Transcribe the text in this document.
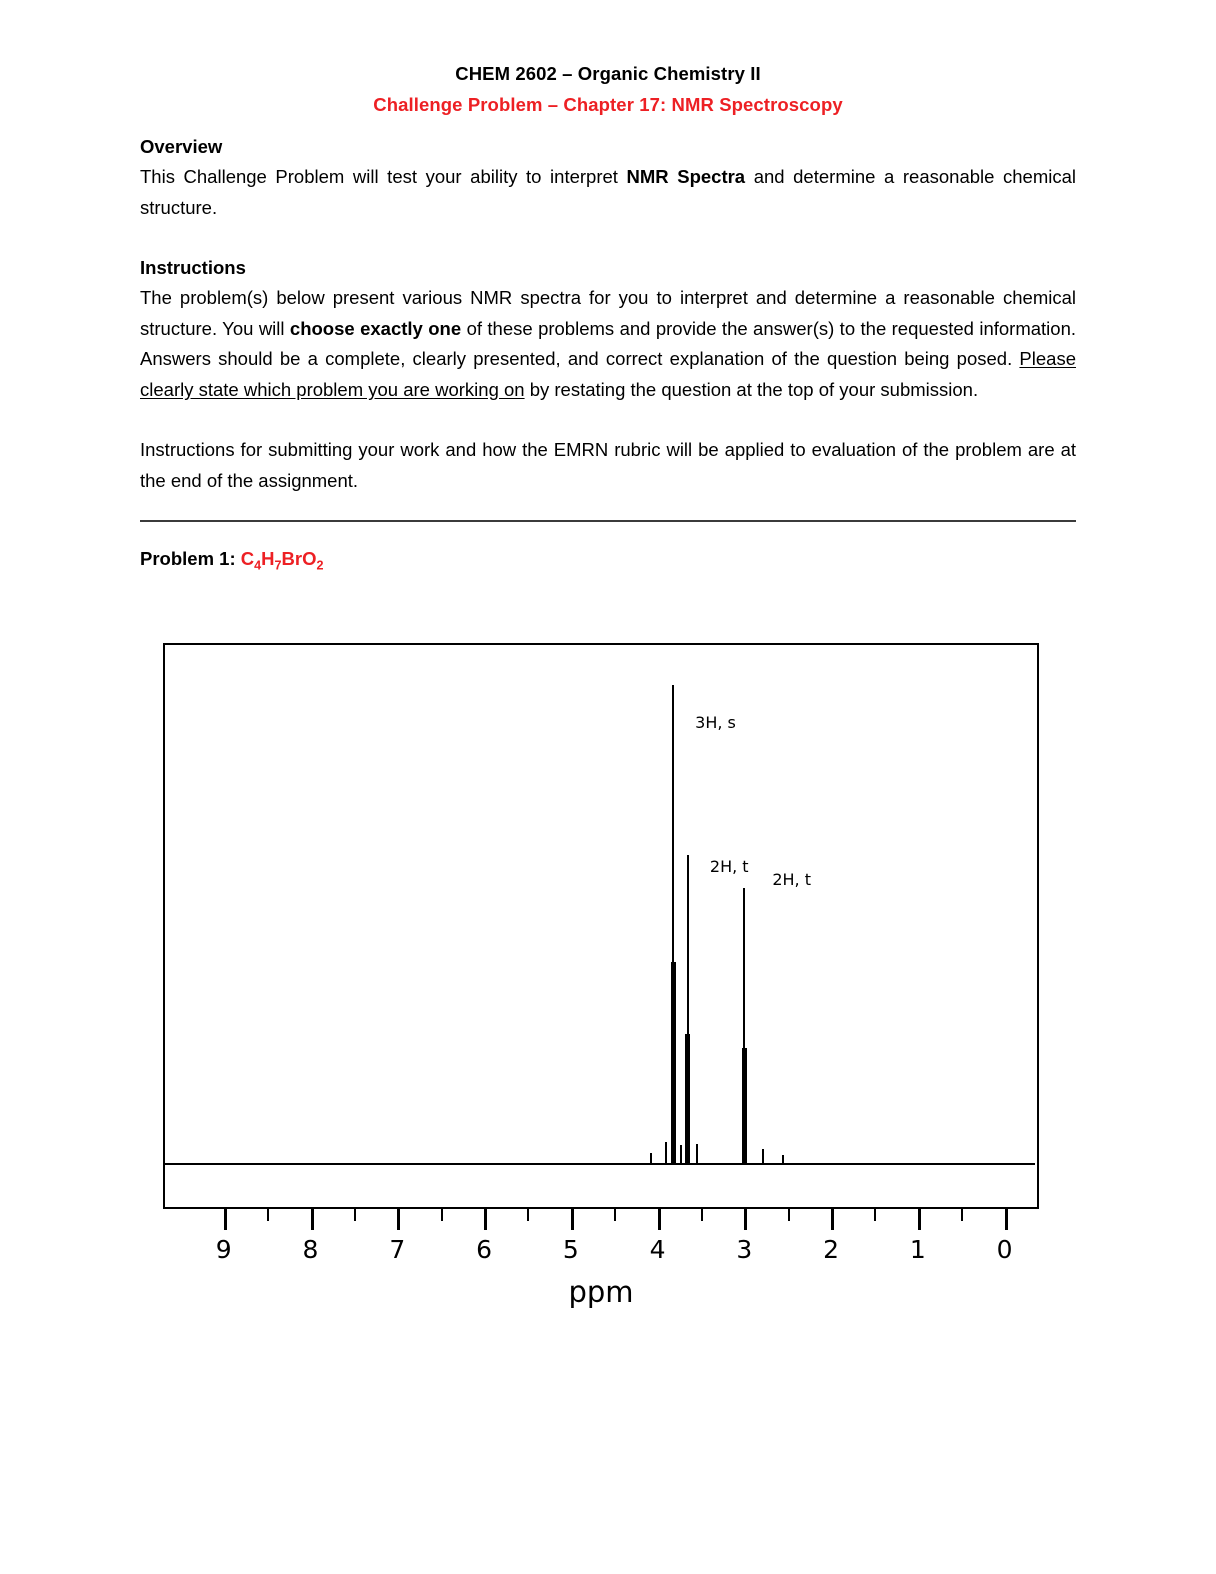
CHEM 2602 – Organic Chemistry II
Challenge Problem – Chapter 17: NMR Spectroscopy
Overview

This Challenge Problem will test your ability to interpret NMR Spectra and determine a reasonable chemical structure.

Instructions

The problem(s) below present various NMR spectra for you to interpret and determine a reasonable chemical structure. You will choose exactly one of these problems and provide the answer(s) to the requested information. Answers should be a complete, clearly presented, and correct explanation of the question being posed. Please clearly state which problem you are working on by restating the question at the top of your submission.

Instructions for submitting your work and how the EMRN rubric will be applied to evaluation of the problem are at the end of the assignment.

Problem 1: $C_4H_7BrO_2$
3H, s
2H, t
2H, t
ppm
9	8	7	6	5	4	3	2	1	0
